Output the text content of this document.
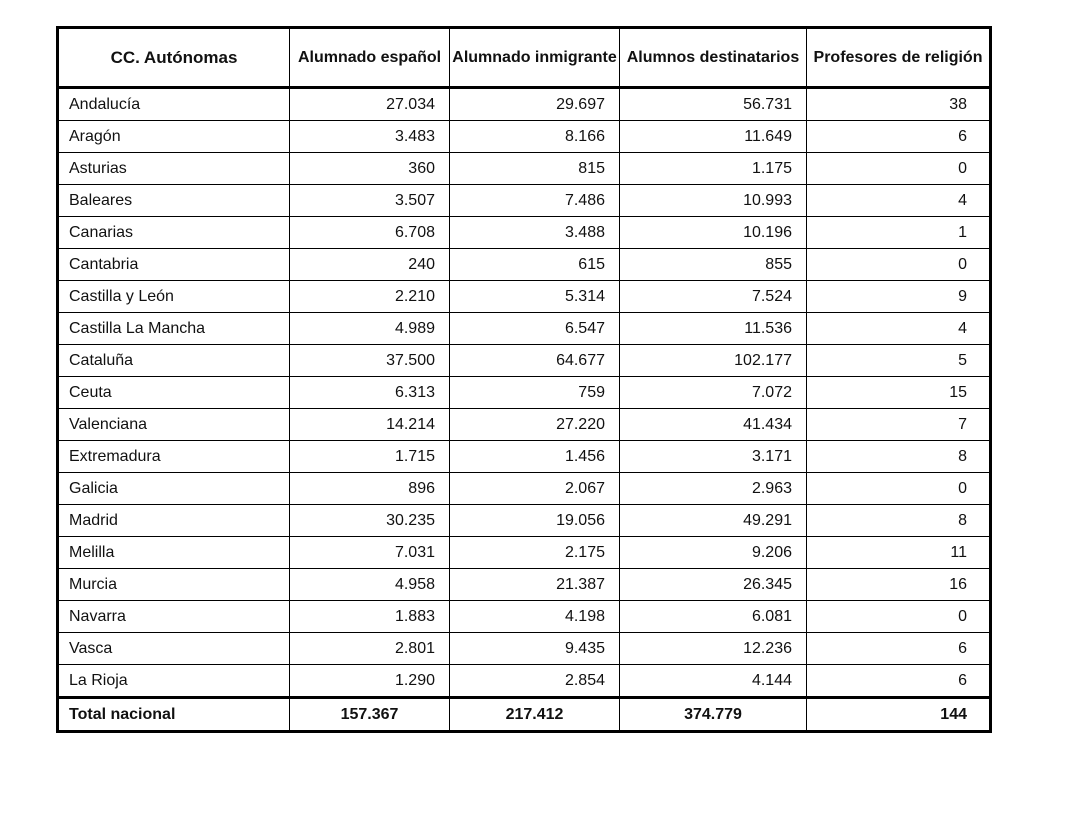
CC. Autónomas	Alumnado español	Alumnado inmigrante	Alumnos destinatarios	Profesores de religión
Andalucía	27.034	29.697	56.731	38
Aragón	3.483	8.166	11.649	6
Asturias	360	815	1.175	0
Baleares	3.507	7.486	10.993	4
Canarias	6.708	3.488	10.196	1
Cantabria	240	615	855	0
Castilla y León	2.210	5.314	7.524	9
Castilla La Mancha	4.989	6.547	11.536	4
Cataluña	37.500	64.677	102.177	5
Ceuta	6.313	759	7.072	15
Valenciana	14.214	27.220	41.434	7
Extremadura	1.715	1.456	3.171	8
Galicia	896	2.067	2.963	0
Madrid	30.235	19.056	49.291	8
Melilla	7.031	2.175	9.206	11
Murcia	4.958	21.387	26.345	16
Navarra	1.883	4.198	6.081	0
Vasca	2.801	9.435	12.236	6
La Rioja	1.290	2.854	4.144	6
Total nacional	157.367	217.412	374.779	144
